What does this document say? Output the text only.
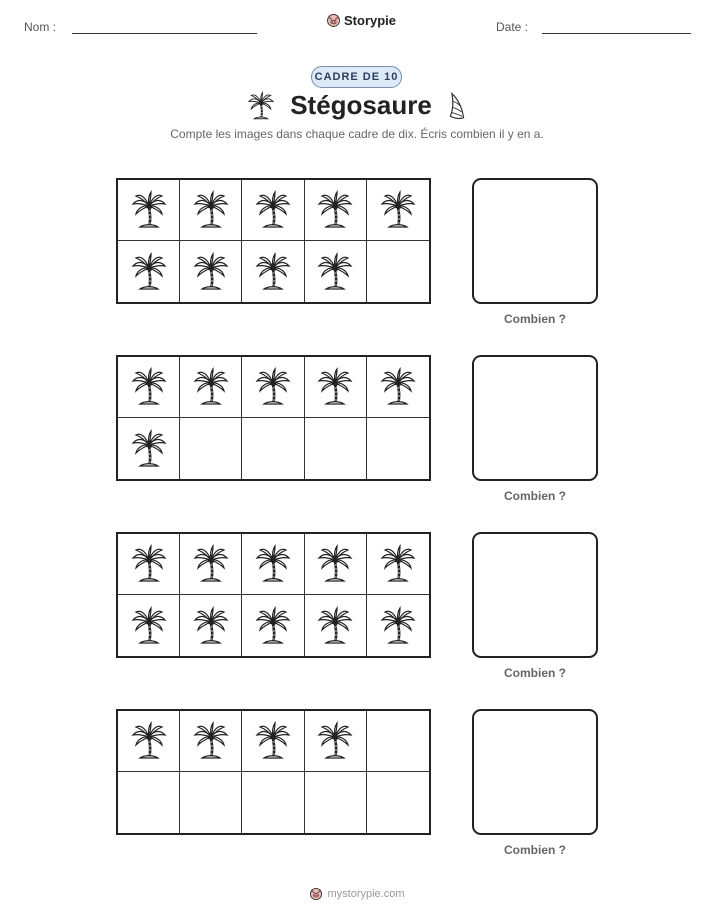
Nom :	Storypie	Date :
CADRE DE 10
Stégosaure
Compte les images dans chaque cadre de dix. Écris combien il y en a.
Combien ?
Combien ?
Combien ?
Combien ?
mystorypie.com
